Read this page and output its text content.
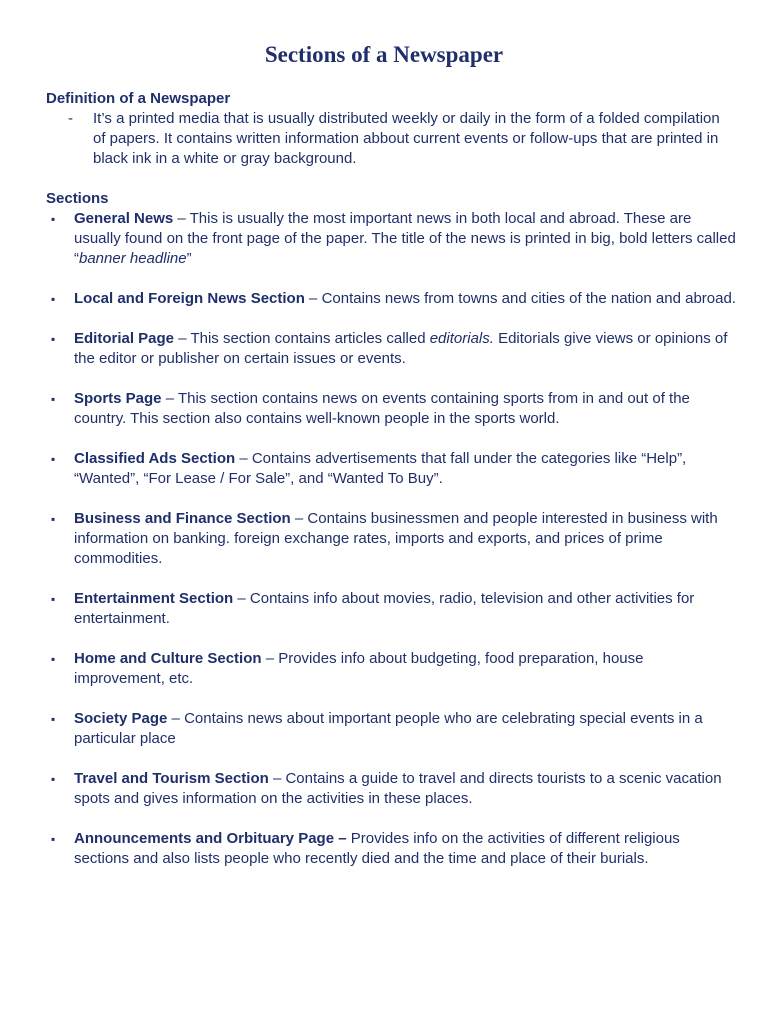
Sections of a Newspaper
Definition of a Newspaper
- It’s a printed media that is usually distributed weekly or daily in the form of a folded compilation of papers. It contains written information abbout current events or follow-ups that are printed in black ink in a white or gray background.
Sections
▪ General News – This is usually the most important news in both local and abroad. These are usually found on the front page of the paper. The title of the news is printed in big, bold letters called “banner headline”
▪ Local and Foreign News Section – Contains news from towns and cities of the nation and abroad.
▪ Editorial Page – This section contains articles called editorials. Editorials give views or opinions of the editor or publisher on certain issues or events.
▪ Sports Page – This section contains news on events containing sports from in and out of the country. This section also contains well-known people in the sports world.
▪ Classified Ads Section – Contains advertisements that fall under the categories like “Help”, “Wanted”, “For Lease / For Sale”, and “Wanted To Buy”.
▪ Business and Finance Section – Contains businessmen and people interested in business with information on banking. foreign exchange rates, imports and exports, and prices of prime commodities.
▪ Entertainment Section – Contains info about movies, radio, television and other activities for entertainment.
▪ Home and Culture Section – Provides info about budgeting, food preparation, house improvement, etc.
▪ Society Page – Contains news about important people who are celebrating special events in a particular place
▪ Travel and Tourism Section – Contains a guide to travel and directs tourists to a scenic vacation spots and gives information on the activities in these places.
▪ Announcements and Orbituary Page – Provides info on the activities of different religious sections and also lists people who recently died and the time and place of their burials.
